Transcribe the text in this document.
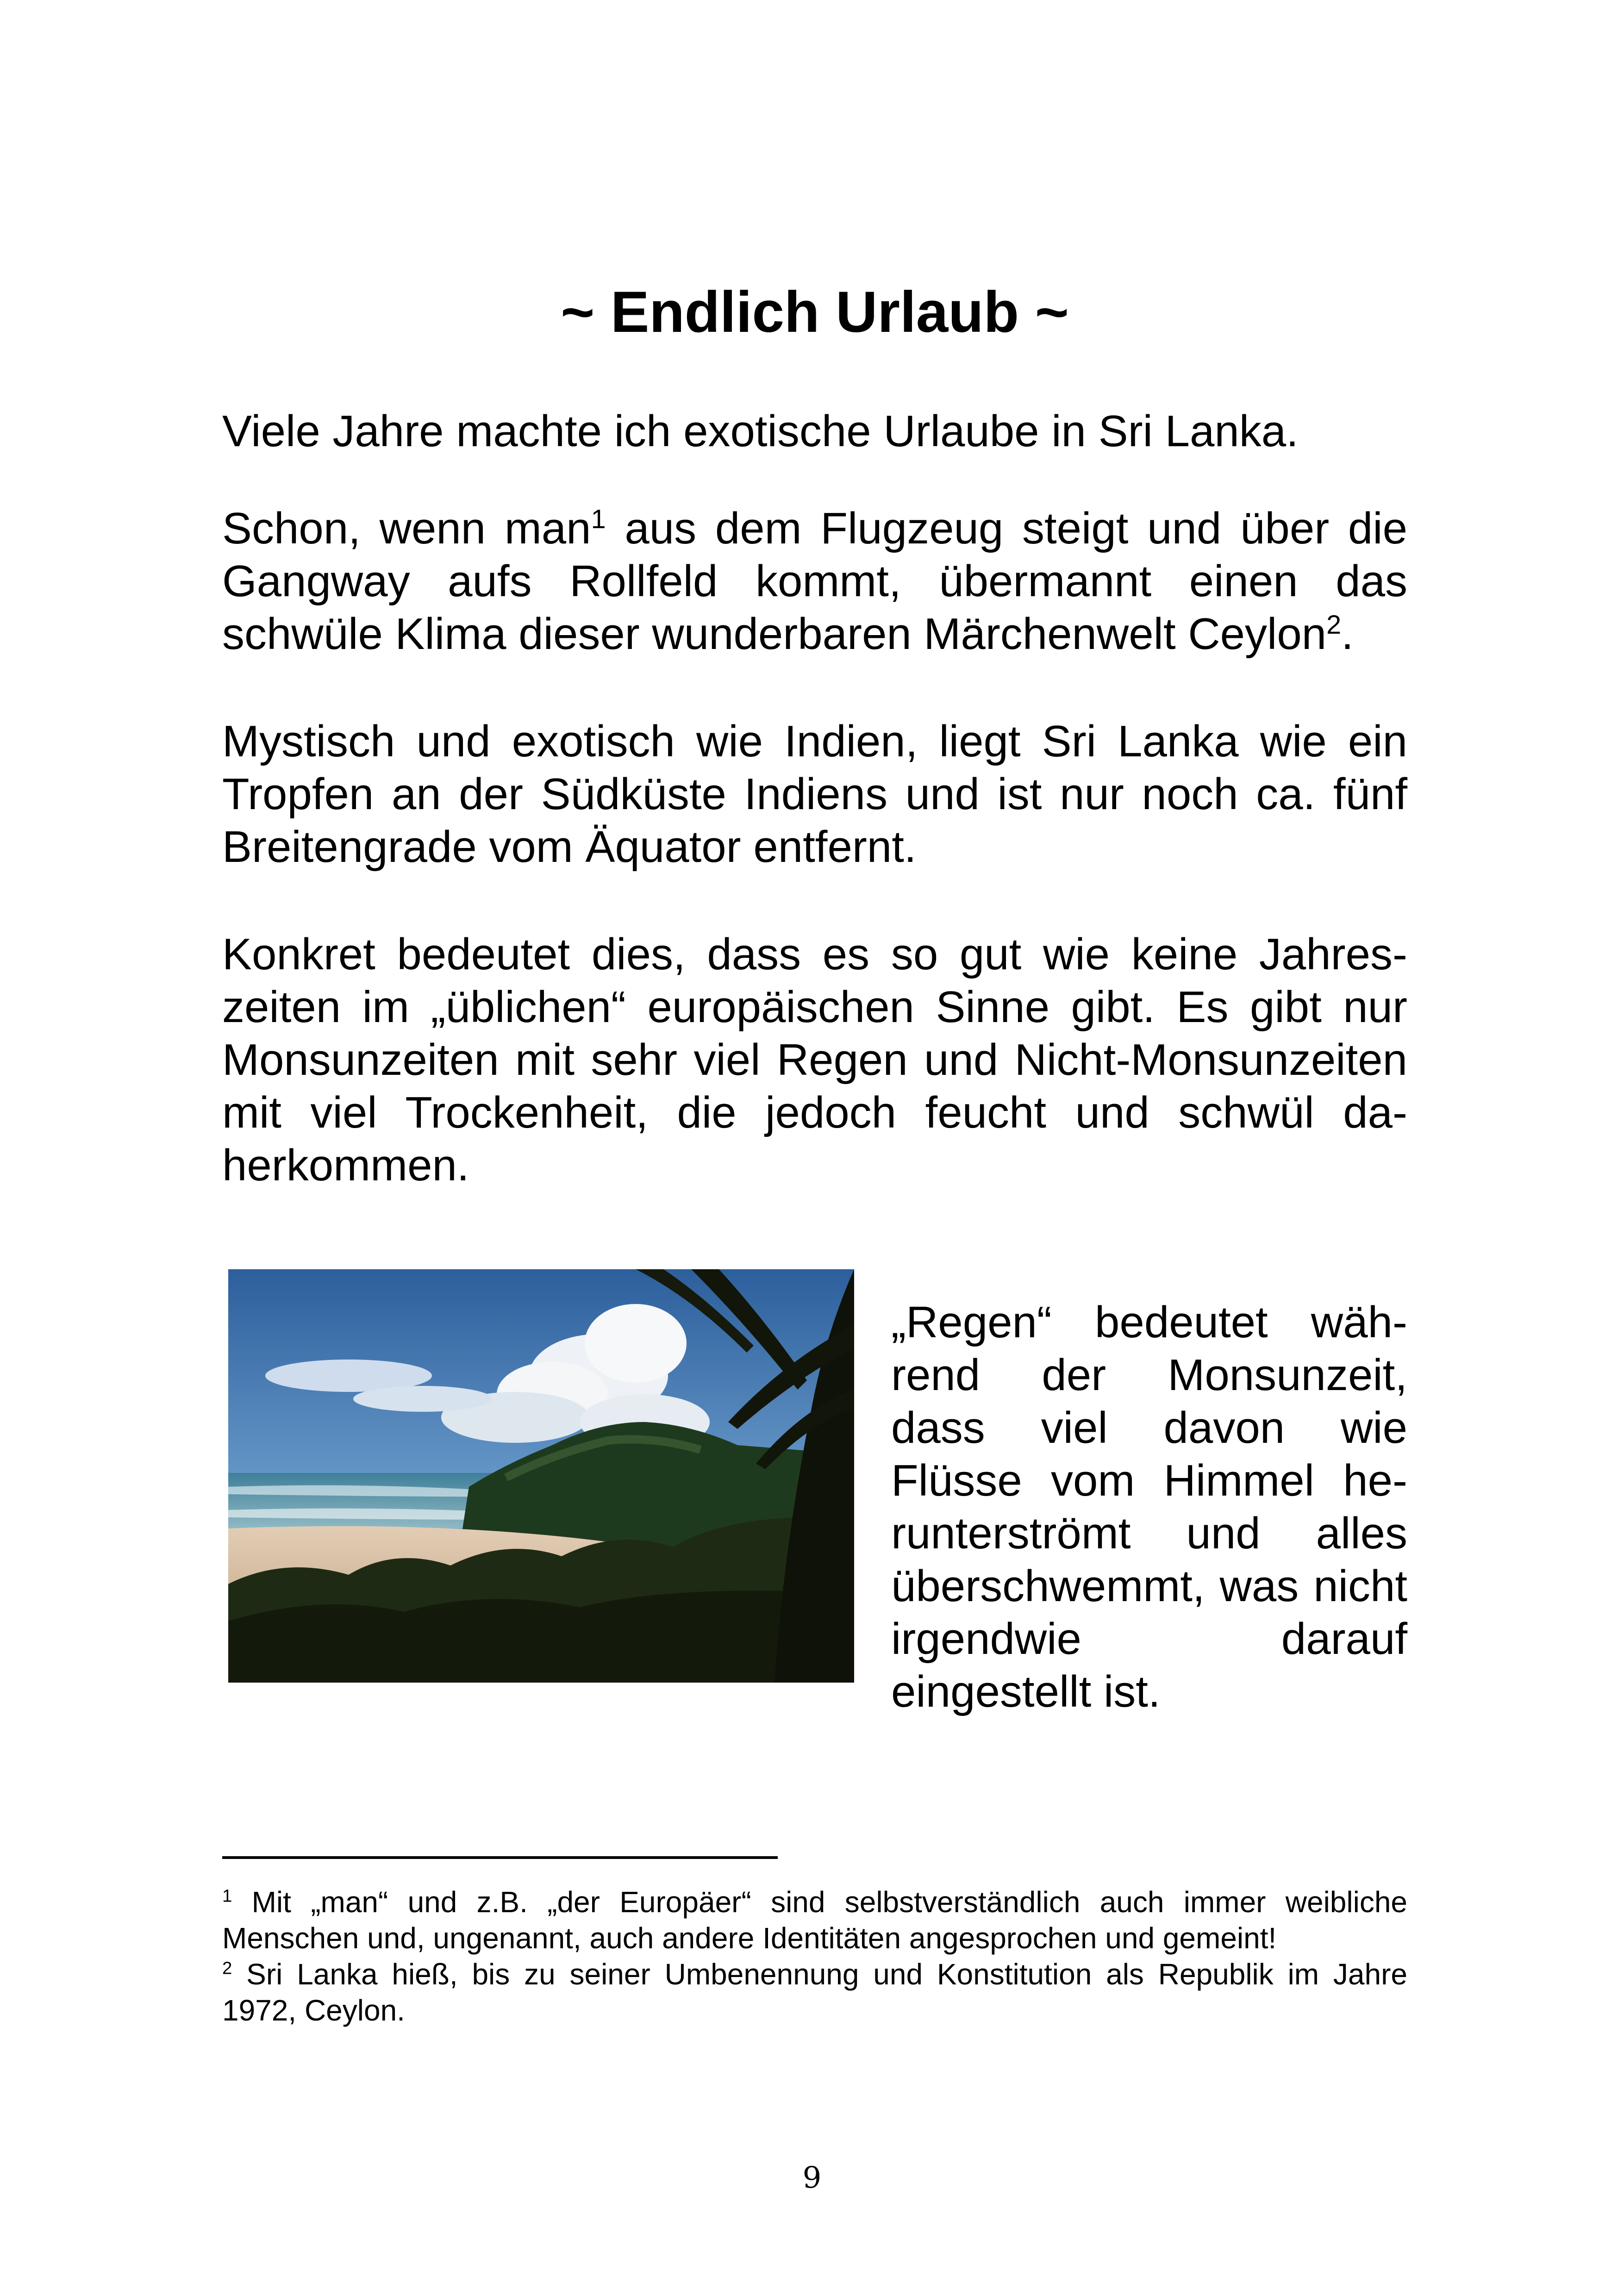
~ Endlich Urlaub ~

Viele Jahre machte ich exotische Urlaube in Sri Lanka.

Schon, wenn man$^1$ aus dem Flugzeug steigt und über die Gangway aufs Rollfeld kommt, übermannt einen das schwüle Klima dieser wunderbaren Märchenwelt Ceylon$^2$.

Mystisch und exotisch wie Indien, liegt Sri Lanka wie ein Tropfen an der Südküste Indiens und ist nur noch ca. fünf Breitengrade vom Äquator entfernt.

Konkret bedeutet dies, dass es so gut wie keine Jahreszeiten im „üblichen“ europäischen Sinne gibt. Es gibt nur Monsunzeiten mit sehr viel Regen und Nicht-Monsunzeiten mit viel Trockenheit, die jedoch feucht und schwül daherkommen.

„Regen“ bedeutet während der Monsunzeit, dass viel davon wie Flüsse vom Himmel herunterströmt und alles überschwemmt, was nicht irgendwie darauf eingestellt ist.

$^1$ Mit „man“ und z.B. „der Europäer“ sind selbstverständlich auch immer weibliche Menschen und, ungenannt, auch andere Identitäten angesprochen und gemeint!

$^2$ Sri Lanka hieß, bis zu seiner Umbenennung und Konstitution als Republik im Jahre 1972, Ceylon.

9
